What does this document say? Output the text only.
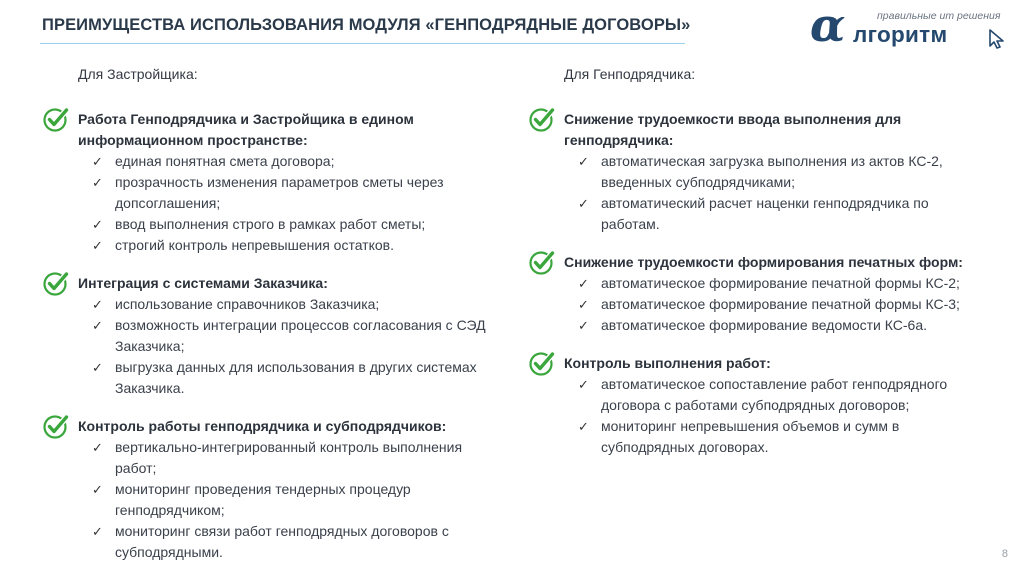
ПРЕИМУЩЕСТВА ИСПОЛЬЗОВАНИЯ МОДУЛЯ «ГЕНПОДРЯДНЫЕ ДОГОВОРЫ»	правильные ит решения
α лгоритм
Для Застройщика:
Работа Генподрядчика и Застройщика в едином информационном пространстве:
✓ единая понятная смета договора;
✓ прозрачность изменения параметров сметы через допсоглашения;
✓ ввод выполнения строго в рамках работ сметы;
✓ строгий контроль непревышения остатков.
Интеграция с системами Заказчика:
✓ использование справочников Заказчика;
✓ возможность интеграции процессов согласования с СЭД Заказчика;
✓ выгрузка данных для использования в других системах Заказчика.
Контроль работы генподрядчика и субподрядчиков:
✓ вертикально-интегрированный контроль выполнения работ;
✓ мониторинг проведения тендерных процедур генподрядчиком;
✓ мониторинг связи работ генподрядных договоров с субподрядными.
Для Генподрядчика:
Снижение трудоемкости ввода выполнения для генподрядчика:
✓ автоматическая загрузка выполнения из актов КС-2, введенных субподрядчиками;
✓ автоматический расчет наценки генподрядчика по работам.
Снижение трудоемкости формирования печатных форм:
✓ автоматическое формирование печатной формы КС-2;
✓ автоматическое формирование печатной формы КС-3;
✓ автоматическое формирование ведомости КС-6а.
Контроль выполнения работ:
✓ автоматическое сопоставление работ генподрядного договора с работами субподрядных договоров;
✓ мониторинг непревышения объемов и сумм в субподрядных договорах.
8
